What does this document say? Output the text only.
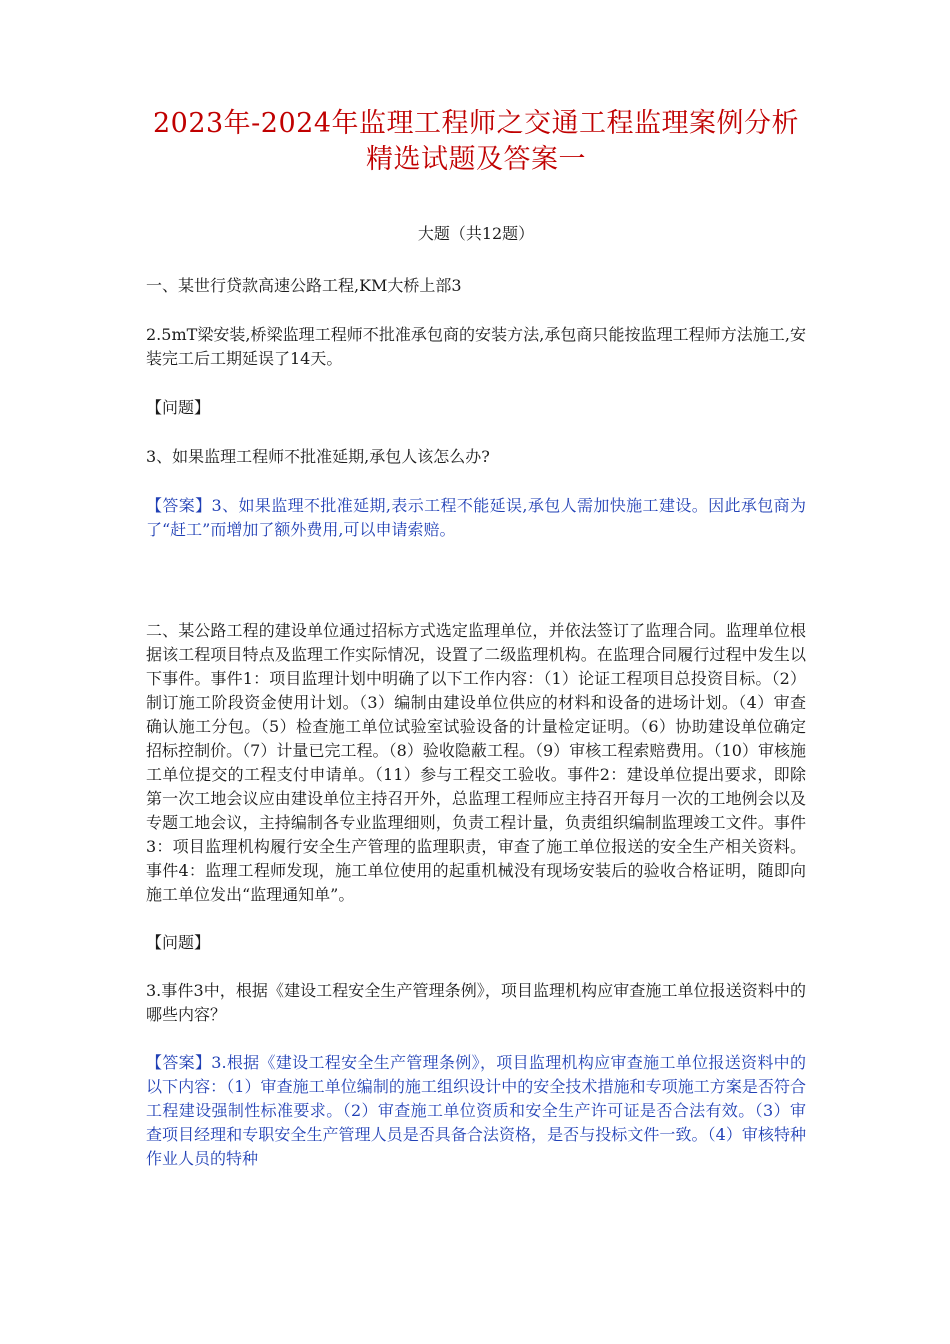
2023年-2024年监理工程师之交通工程监理案例分析精选试题及答案一
大题（共12题）

一、某世行贷款高速公路工程,KM大桥上部3

2.5mT梁安装,桥梁监理工程师不批准承包商的安装方法,承包商只能按监理工程师方法施工,安装完工后工期延误了14天。

【问题】

3、如果监理工程师不批准延期,承包人该怎么办?

【答案】3、如果监理不批准延期,表示工程不能延误,承包人需加快施工建设。因此承包商为了“赶工”而增加了额外费用,可以申请索赔。

二、某公路工程的建设单位通过招标方式选定监理单位，并依法签订了监理合同。监理单位根据该工程项目特点及监理工作实际情况，设置了二级监理机构。在监理合同履行过程中发生以下事件。事件1：项目监理计划中明确了以下工作内容：（1）论证工程项目总投资目标。（2）制订施工阶段资金使用计划。（3）编制由建设单位供应的材料和设备的进场计划。（4）审查确认施工分包。（5）检查施工单位试验室试验设备的计量检定证明。（6）协助建设单位确定招标控制价。（7）计量已完工程。（8）验收隐蔽工程。（9）审核工程索赔费用。（10）审核施工单位提交的工程支付申请单。（11）参与工程交工验收。事件2：建设单位提出要求，即除第一次工地会议应由建设单位主持召开外，总监理工程师应主持召开每月一次的工地例会以及专题工地会议，主持编制各专业监理细则，负责工程计量，负责组织编制监理竣工文件。事件3：项目监理机构履行安全生产管理的监理职责，审查了施工单位报送的安全生产相关资料。事件4：监理工程师发现，施工单位使用的起重机械没有现场安装后的验收合格证明，随即向施工单位发出“监理通知单”。

【问题】

3.事件3中，根据《建设工程安全生产管理条例》，项目监理机构应审查施工单位报送资料中的哪些内容？

【答案】3.根据《建设工程安全生产管理条例》，项目监理机构应审查施工单位报送资料中的以下内容：（1）审查施工单位编制的施工组织设计中的安全技术措施和专项施工方案是否符合工程建设强制性标准要求。（2）审查施工单位资质和安全生产许可证是否合法有效。（3）审查项目经理和专职安全生产管理人员是否具备合法资格，是否与投标文件一致。（4）审核特种作业人员的特种
